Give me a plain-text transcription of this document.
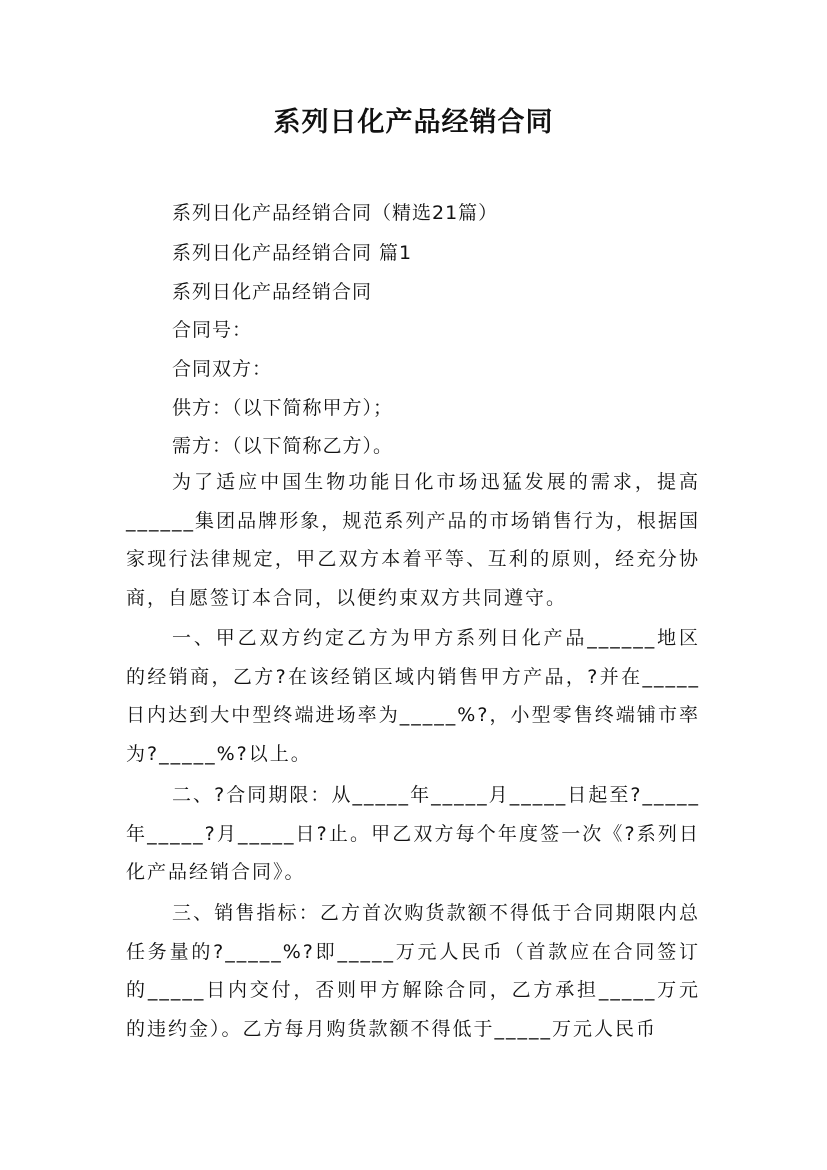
系列日化产品经销合同
系列日化产品经销合同（精选21篇）
系列日化产品经销合同 篇1
系列日化产品经销合同
合同号：
合同双方：
供方：（以下简称甲方）；
需方：（以下简称乙方）。
为了适应中国生物功能日化市场迅猛发展的需求，提高______集团品牌形象，规范系列产品的市场销售行为，根据国家现行法律规定，甲乙双方本着平等、互利的原则，经充分协商，自愿签订本合同，以便约束双方共同遵守。
一、甲乙双方约定乙方为甲方系列日化产品______地区的经销商，乙方?在该经销区域内销售甲方产品，?并在_____日内达到大中型终端进场率为_____%?，小型零售终端铺市率为?_____%?以上。
二、?合同期限：从_____年_____月_____日起至?_____年_____?月_____日?止。甲乙双方每个年度签一次《?系列日化产品经销合同》。
三、销售指标：乙方首次购货款额不得低于合同期限内总任务量的?_____%?即_____万元人民币（首款应在合同签订的_____日内交付，否则甲方解除合同，乙方承担_____万元的违约金）。乙方每月购货款额不得低于_____万元人民币
